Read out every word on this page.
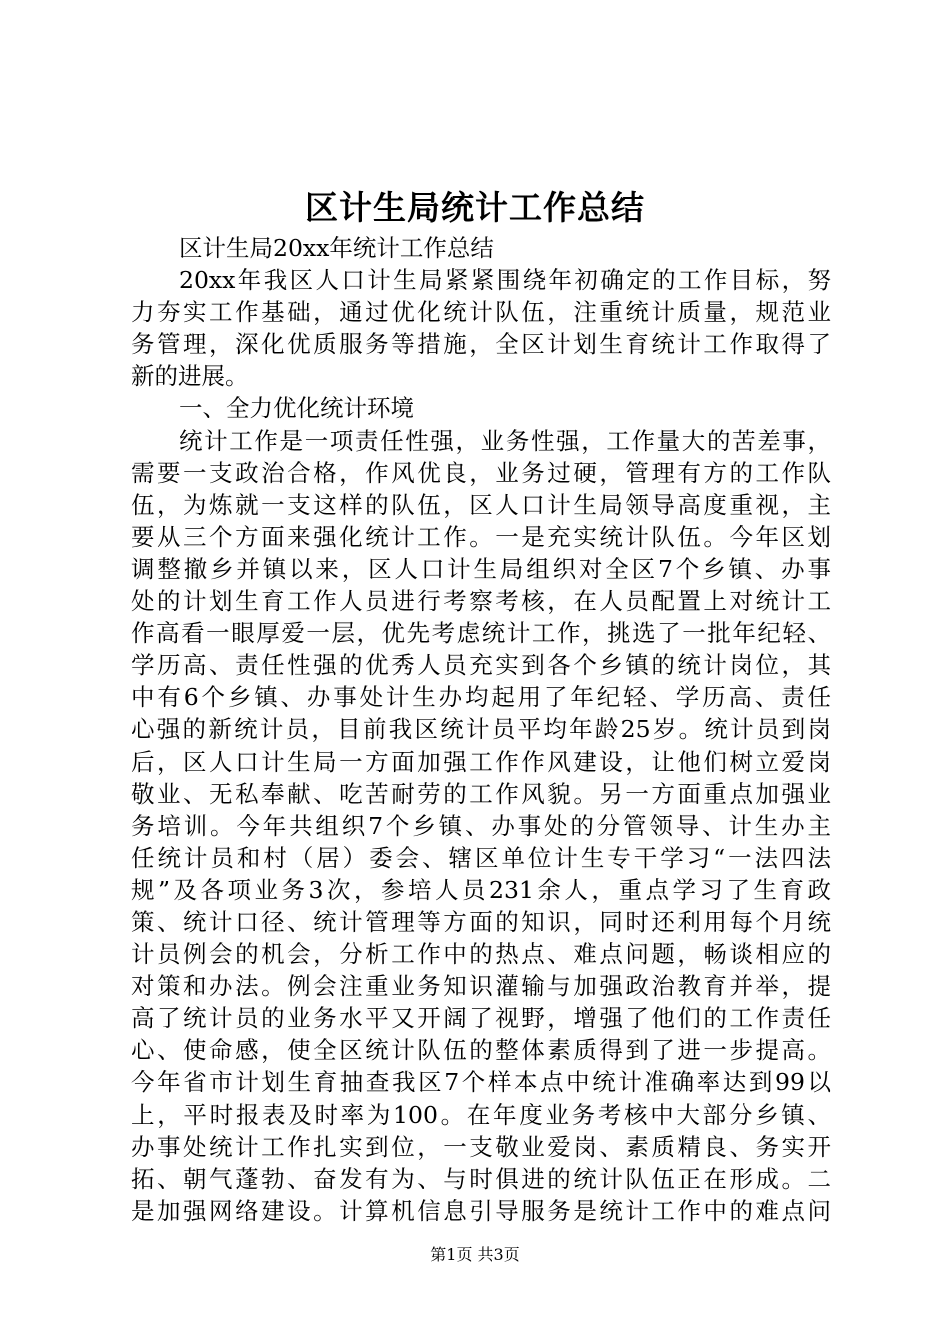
区计生局统计工作总结
区计生局20xx年统计工作总结
20xx年我区人口计生局紧紧围绕年初确定的工作目标，努
力夯实工作基础，通过优化统计队伍，注重统计质量，规范业
务管理，深化优质服务等措施，全区计划生育统计工作取得了
新的进展。
一、全力优化统计环境
统计工作是一项责任性强，业务性强，工作量大的苦差事，
需要一支政治合格，作风优良，业务过硬，管理有方的工作队
伍，为炼就一支这样的队伍，区人口计生局领导高度重视，主
要从三个方面来强化统计工作。一是充实统计队伍。今年区划
调整撤乡并镇以来，区人口计生局组织对全区7个乡镇、办事
处的计划生育工作人员进行考察考核，在人员配置上对统计工
作高看一眼厚爱一层，优先考虑统计工作，挑选了一批年纪轻、
学历高、责任性强的优秀人员充实到各个乡镇的统计岗位，其
中有6个乡镇、办事处计生办均起用了年纪轻、学历高、责任
心强的新统计员，目前我区统计员平均年龄25岁。统计员到岗
后，区人口计生局一方面加强工作作风建设，让他们树立爱岗
敬业、无私奉献、吃苦耐劳的工作风貌。另一方面重点加强业
务培训。今年共组织7个乡镇、办事处的分管领导、计生办主
任统计员和村（居）委会、辖区单位计生专干学习“一法四法
规”及各项业务3次，参培人员231余人，重点学习了生育政
策、统计口径、统计管理等方面的知识，同时还利用每个月统
计员例会的机会，分析工作中的热点、难点问题，畅谈相应的
对策和办法。例会注重业务知识灌输与加强政治教育并举，提
高了统计员的业务水平又开阔了视野，增强了他们的工作责任
心、使命感，使全区统计队伍的整体素质得到了进一步提高。
今年省市计划生育抽查我区7个样本点中统计准确率达到99以
上，平时报表及时率为100。在年度业务考核中大部分乡镇、
办事处统计工作扎实到位，一支敬业爱岗、素质精良、务实开
拓、朝气蓬勃、奋发有为、与时俱进的统计队伍正在形成。二
是加强网络建设。计算机信息引导服务是统计工作中的难点问
第1页 共3页
